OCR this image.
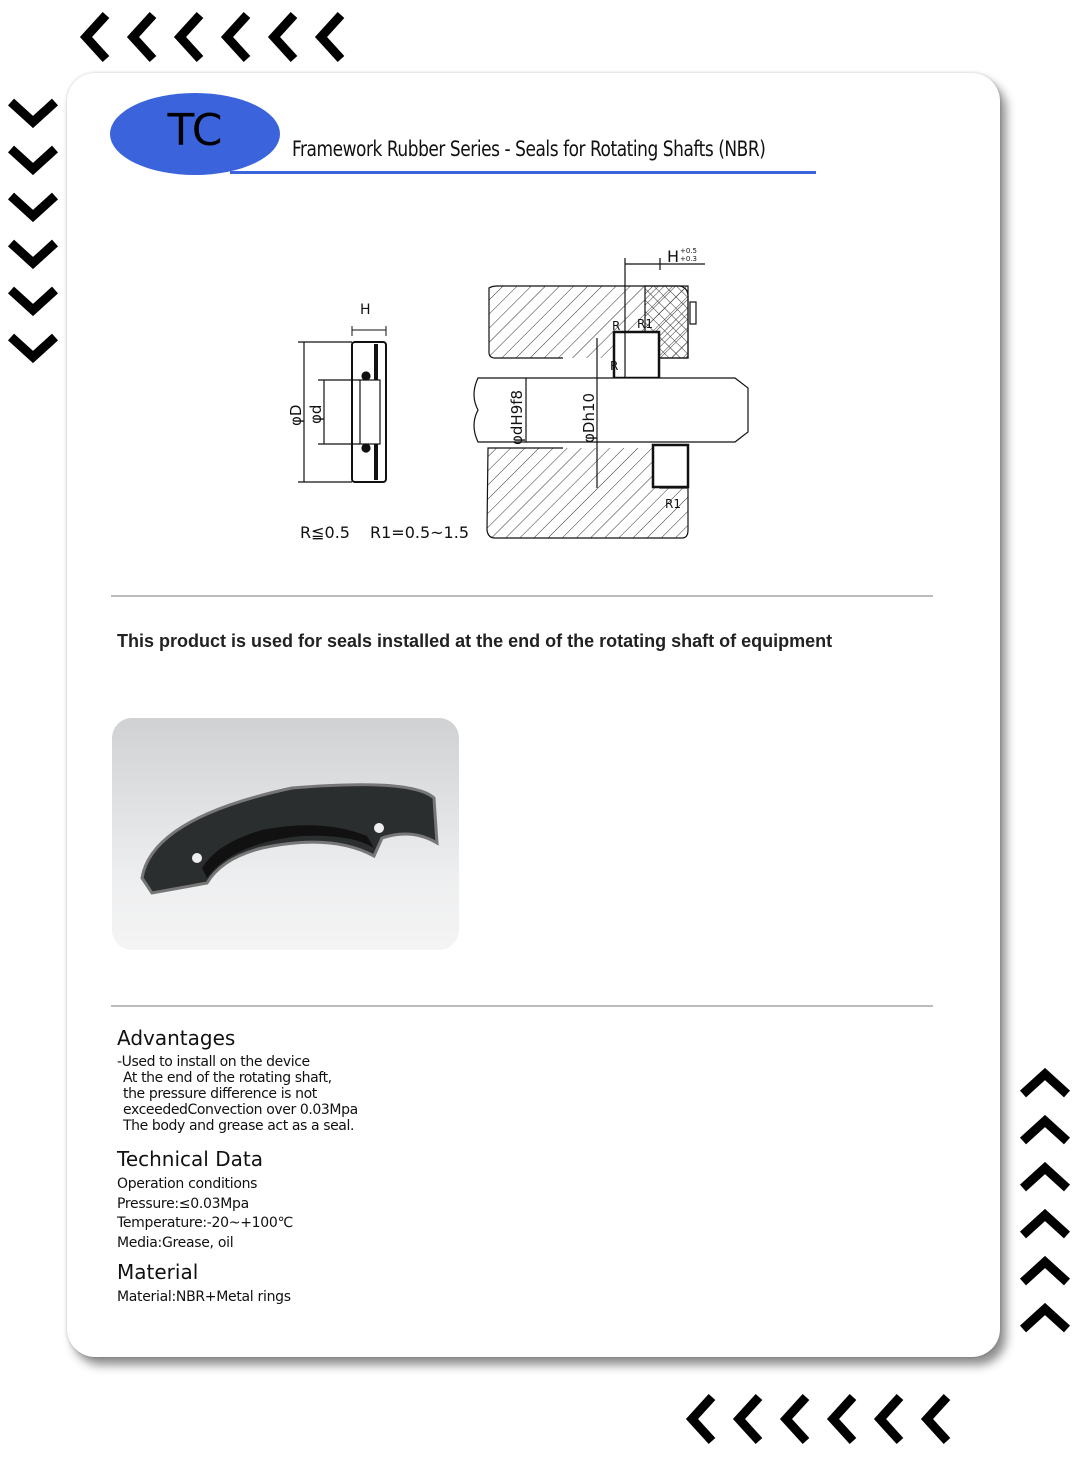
TC	Framework Rubber Series - Seals for Rotating Shafts (NBR)
H
φD φd
H +0.5
+0.3
R R1
R
R1
φdH9f8	φDh10
R≦0.5 R1=0.5~1.5
This product is used for seals installed at the end of the rotating shaft of equipment
Advantages
-Used to install on the device
At the end of the rotating shaft,
the pressure difference is not
exceededConvection over 0.03Mpa
The body and grease act as a seal.
Technical Data
Operation conditions
Pressure:≤0.03Mpa
Temperature:-20~+100℃
Media:Grease, oil
Material
Material:NBR+Metal rings
